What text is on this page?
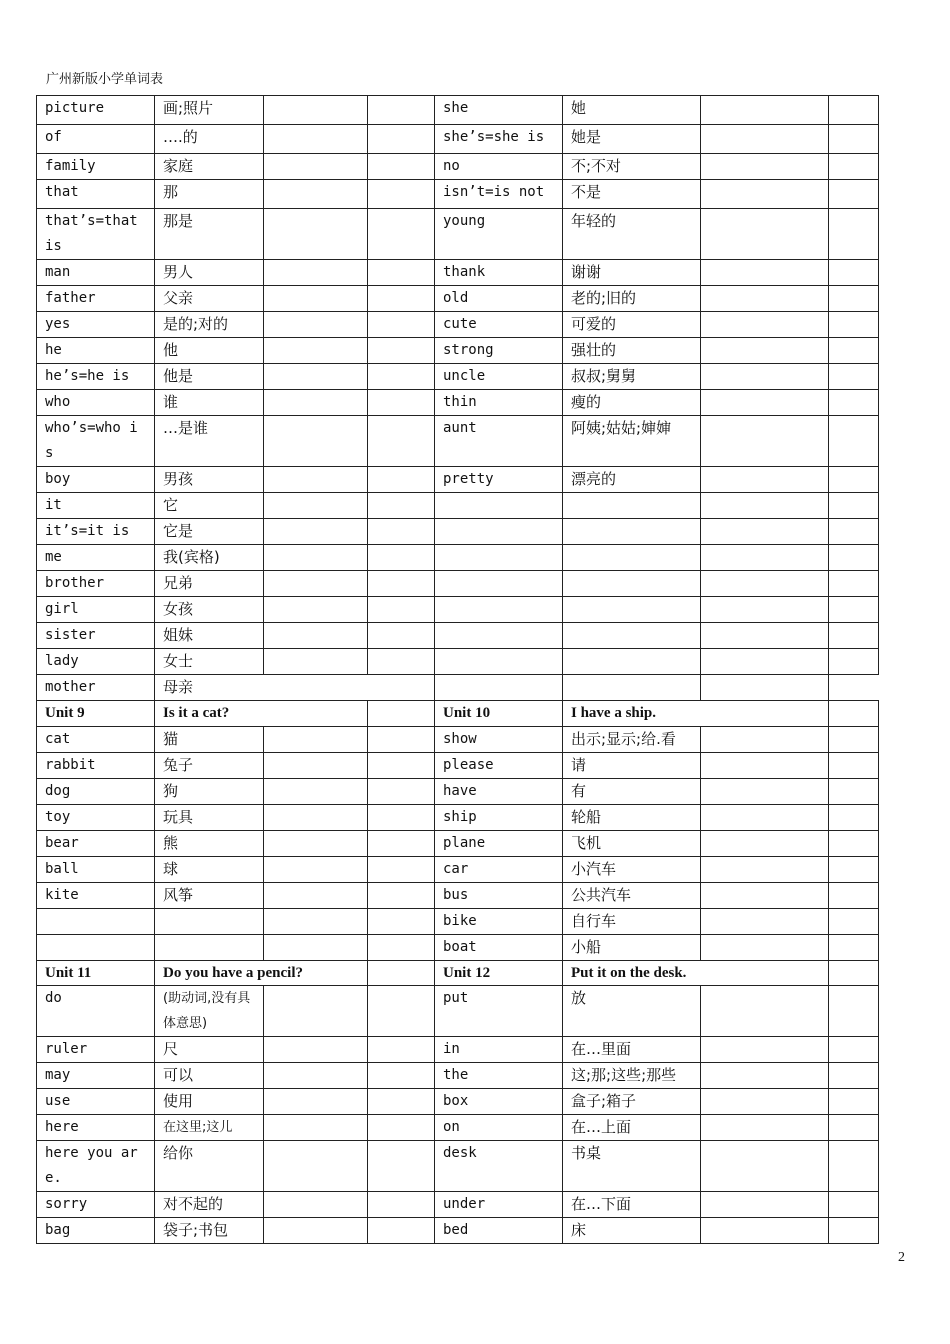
广州新版小学单词表
picture	画;照片			she	她		
of	….的			she’s=she is	她是		
family	家庭			no	不;不对		
that	那			isn’t=is not	不是		
that’s=that is	那是			young	年轻的		
man	男人			thank	谢谢		
father	父亲			old	老的;旧的		
yes	是的;对的			cute	可爱的		
he	他			strong	强壮的		
he’s=he is	他是			uncle	叔叔;舅舅		
who	谁			thin	瘦的		
who’s=who is	…是谁			aunt	阿姨;姑姑;婶婶		
boy	男孩			pretty	漂亮的		
it	它						
it’s=it is	它是						
me	我(宾格)						
brother	兄弟						
girl	女孩						
sister	姐妹						
lady	女士						
mother	母亲						
Unit 9	Is it a cat?			Unit 10	I have a ship.		
cat	猫			show	出示;显示;给.看		
rabbit	兔子			please	请		
dog	狗			have	有		
toy	玩具			ship	轮船		
bear	熊			plane	飞机		
ball	球			car	小汽车		
kite	风筝			bus	公共汽车		
				bike	自行车		
				boat	小船		
Unit 11	Do you have a pencil?			Unit 12	Put it on the desk.		
do	(助动词,没有具体意思)			put	放		
ruler	尺			in	在…里面		
may	可以			the	这;那;这些;那些		
use	使用			box	盒子;箱子		
here	在这里;这儿			on	在…上面		
here you are.	给你			desk	书桌		
sorry	对不起的			under	在…下面		
bag	袋子;书包			bed	床		
2
